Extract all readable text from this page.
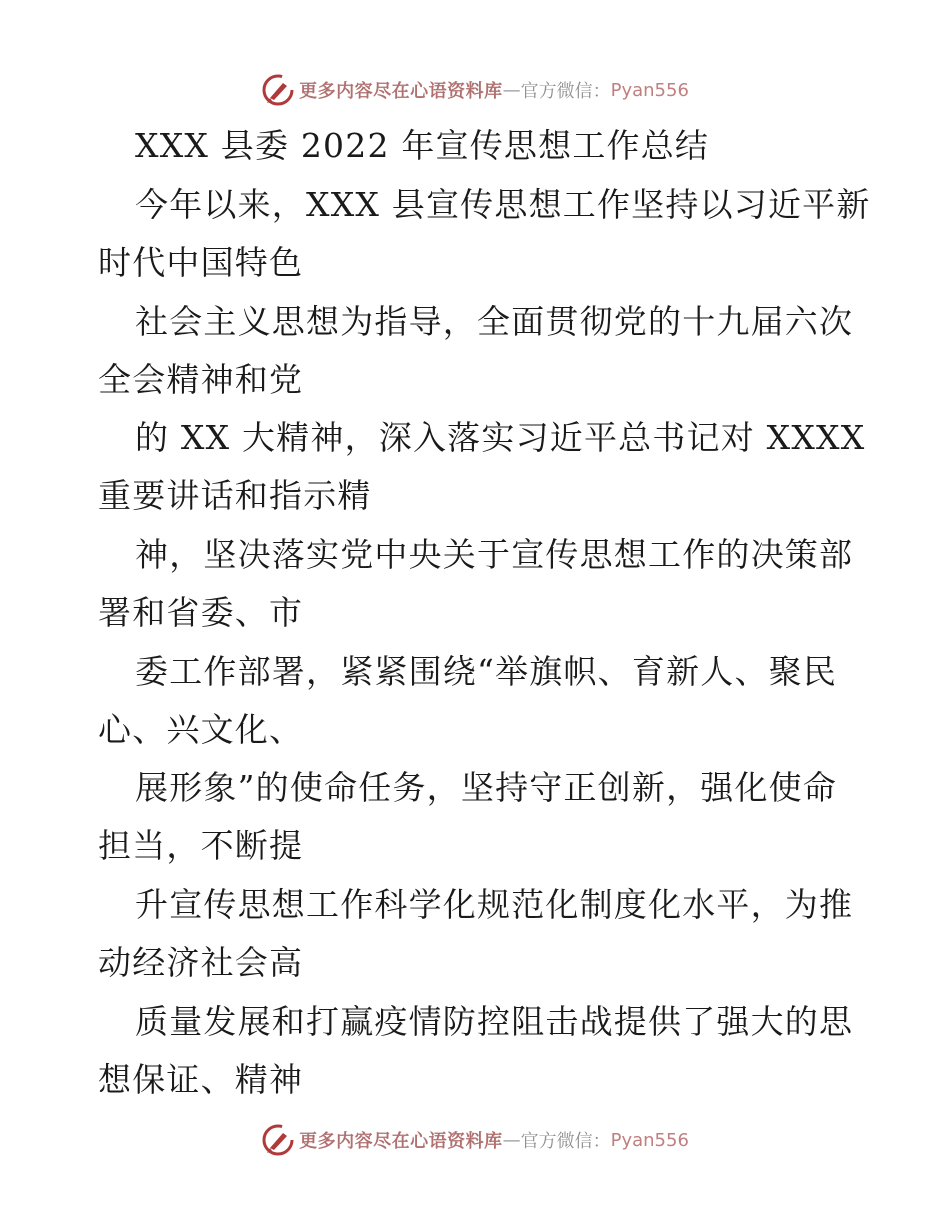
更多内容尽在心语资料库 — 官方微信： Pyan556
XXX 县委 2022 年宣传思想工作总结
今年以来，XXX 县宣传思想工作坚持以习近平新
时代中国特色
社会主义思想为指导，全面贯彻党的十九届六次
全会精神和党
的 XX 大精神，深入落实习近平总书记对 XXXX
重要讲话和指示精
神，坚决落实党中央关于宣传思想工作的决策部
署和省委、市
委工作部署，紧紧围绕“举旗帜、育新人、聚民
心、兴文化、
展形象”的使命任务，坚持守正创新，强化使命
担当，不断提
升宣传思想工作科学化规范化制度化水平，为推
动经济社会高
质量发展和打赢疫情防控阻击战提供了强大的思
想保证、精神
更多内容尽在心语资料库 — 官方微信： Pyan556
